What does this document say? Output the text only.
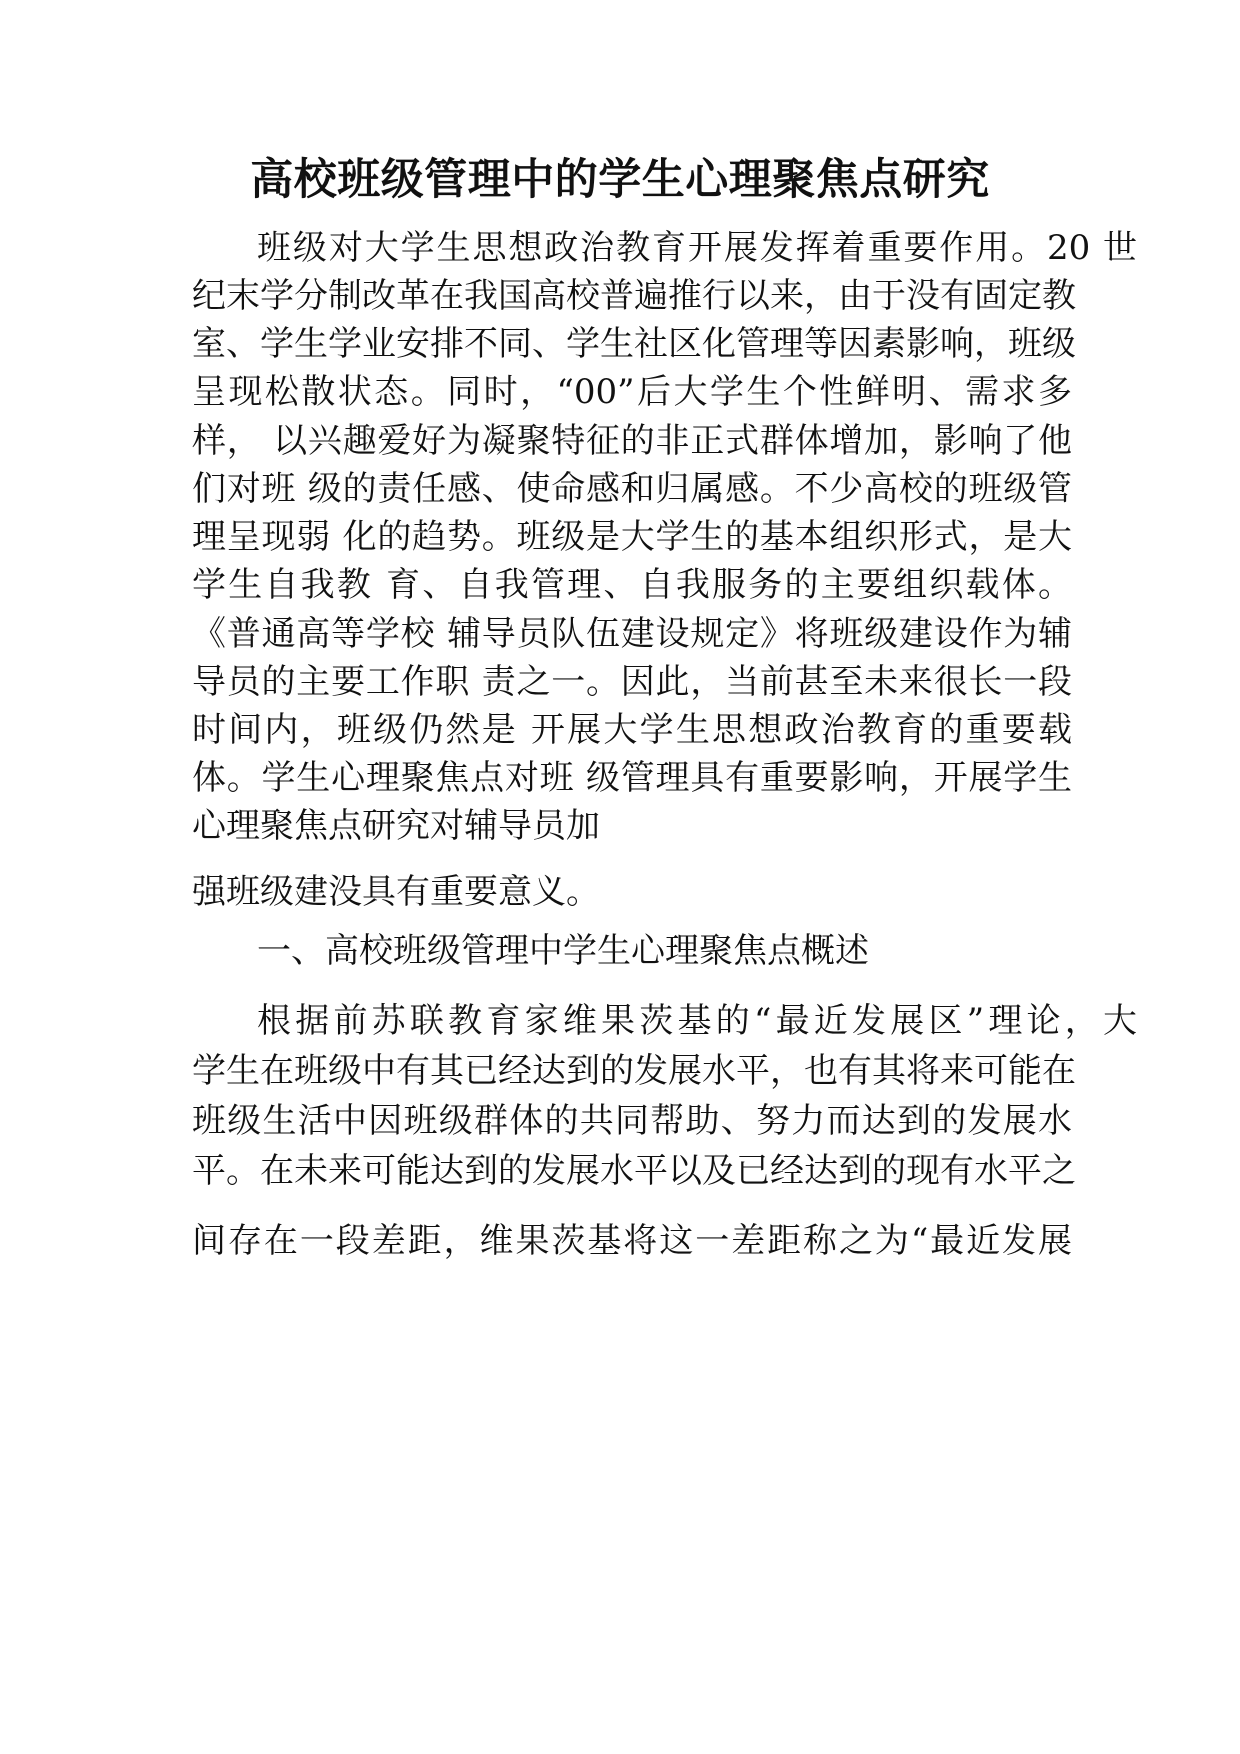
高校班级管理中的学生心理聚焦点研究

班级对大学生思想政治教育开展发挥着重要作用。20 世

纪末学分制改革在我国高校普遍推行以来，由于没有固定教

室、学生学业安排不同、学生社区化管理等因素影响，班级

呈现松散状态。同时，“00”后大学生个性鲜明、需求多

样， 以兴趣爱好为凝聚特征的非正式群体增加，影响了他

们对班 级的责任感、使命感和归属感。不少高校的班级管

理呈现弱 化的趋势。班级是大学生的基本组织形式，是大

学生自我教 育、自我管理、自我服务的主要组织载体。

《普通高等学校 辅导员队伍建设规定》将班级建设作为辅

导员的主要工作职 责之一。因此，当前甚至未来很长一段

时间内，班级仍然是 开展大学生思想政治教育的重要载

体。学生心理聚焦点对班 级管理具有重要影响，开展学生

心理聚焦点研究对辅导员加

强班级建没具有重要意义。

一、高校班级管理中学生心理聚焦点概述

根据前苏联教育家维果茨基的“最近发展区”理论，大

学生在班级中有其已经达到的发展水平，也有其将来可能在

班级生活中因班级群体的共同帮助、努力而达到的发展水

平。在未来可能达到的发展水平以及已经达到的现有水平之

间存在一段差距，维果茨基将这一差距称之为“最近发展
